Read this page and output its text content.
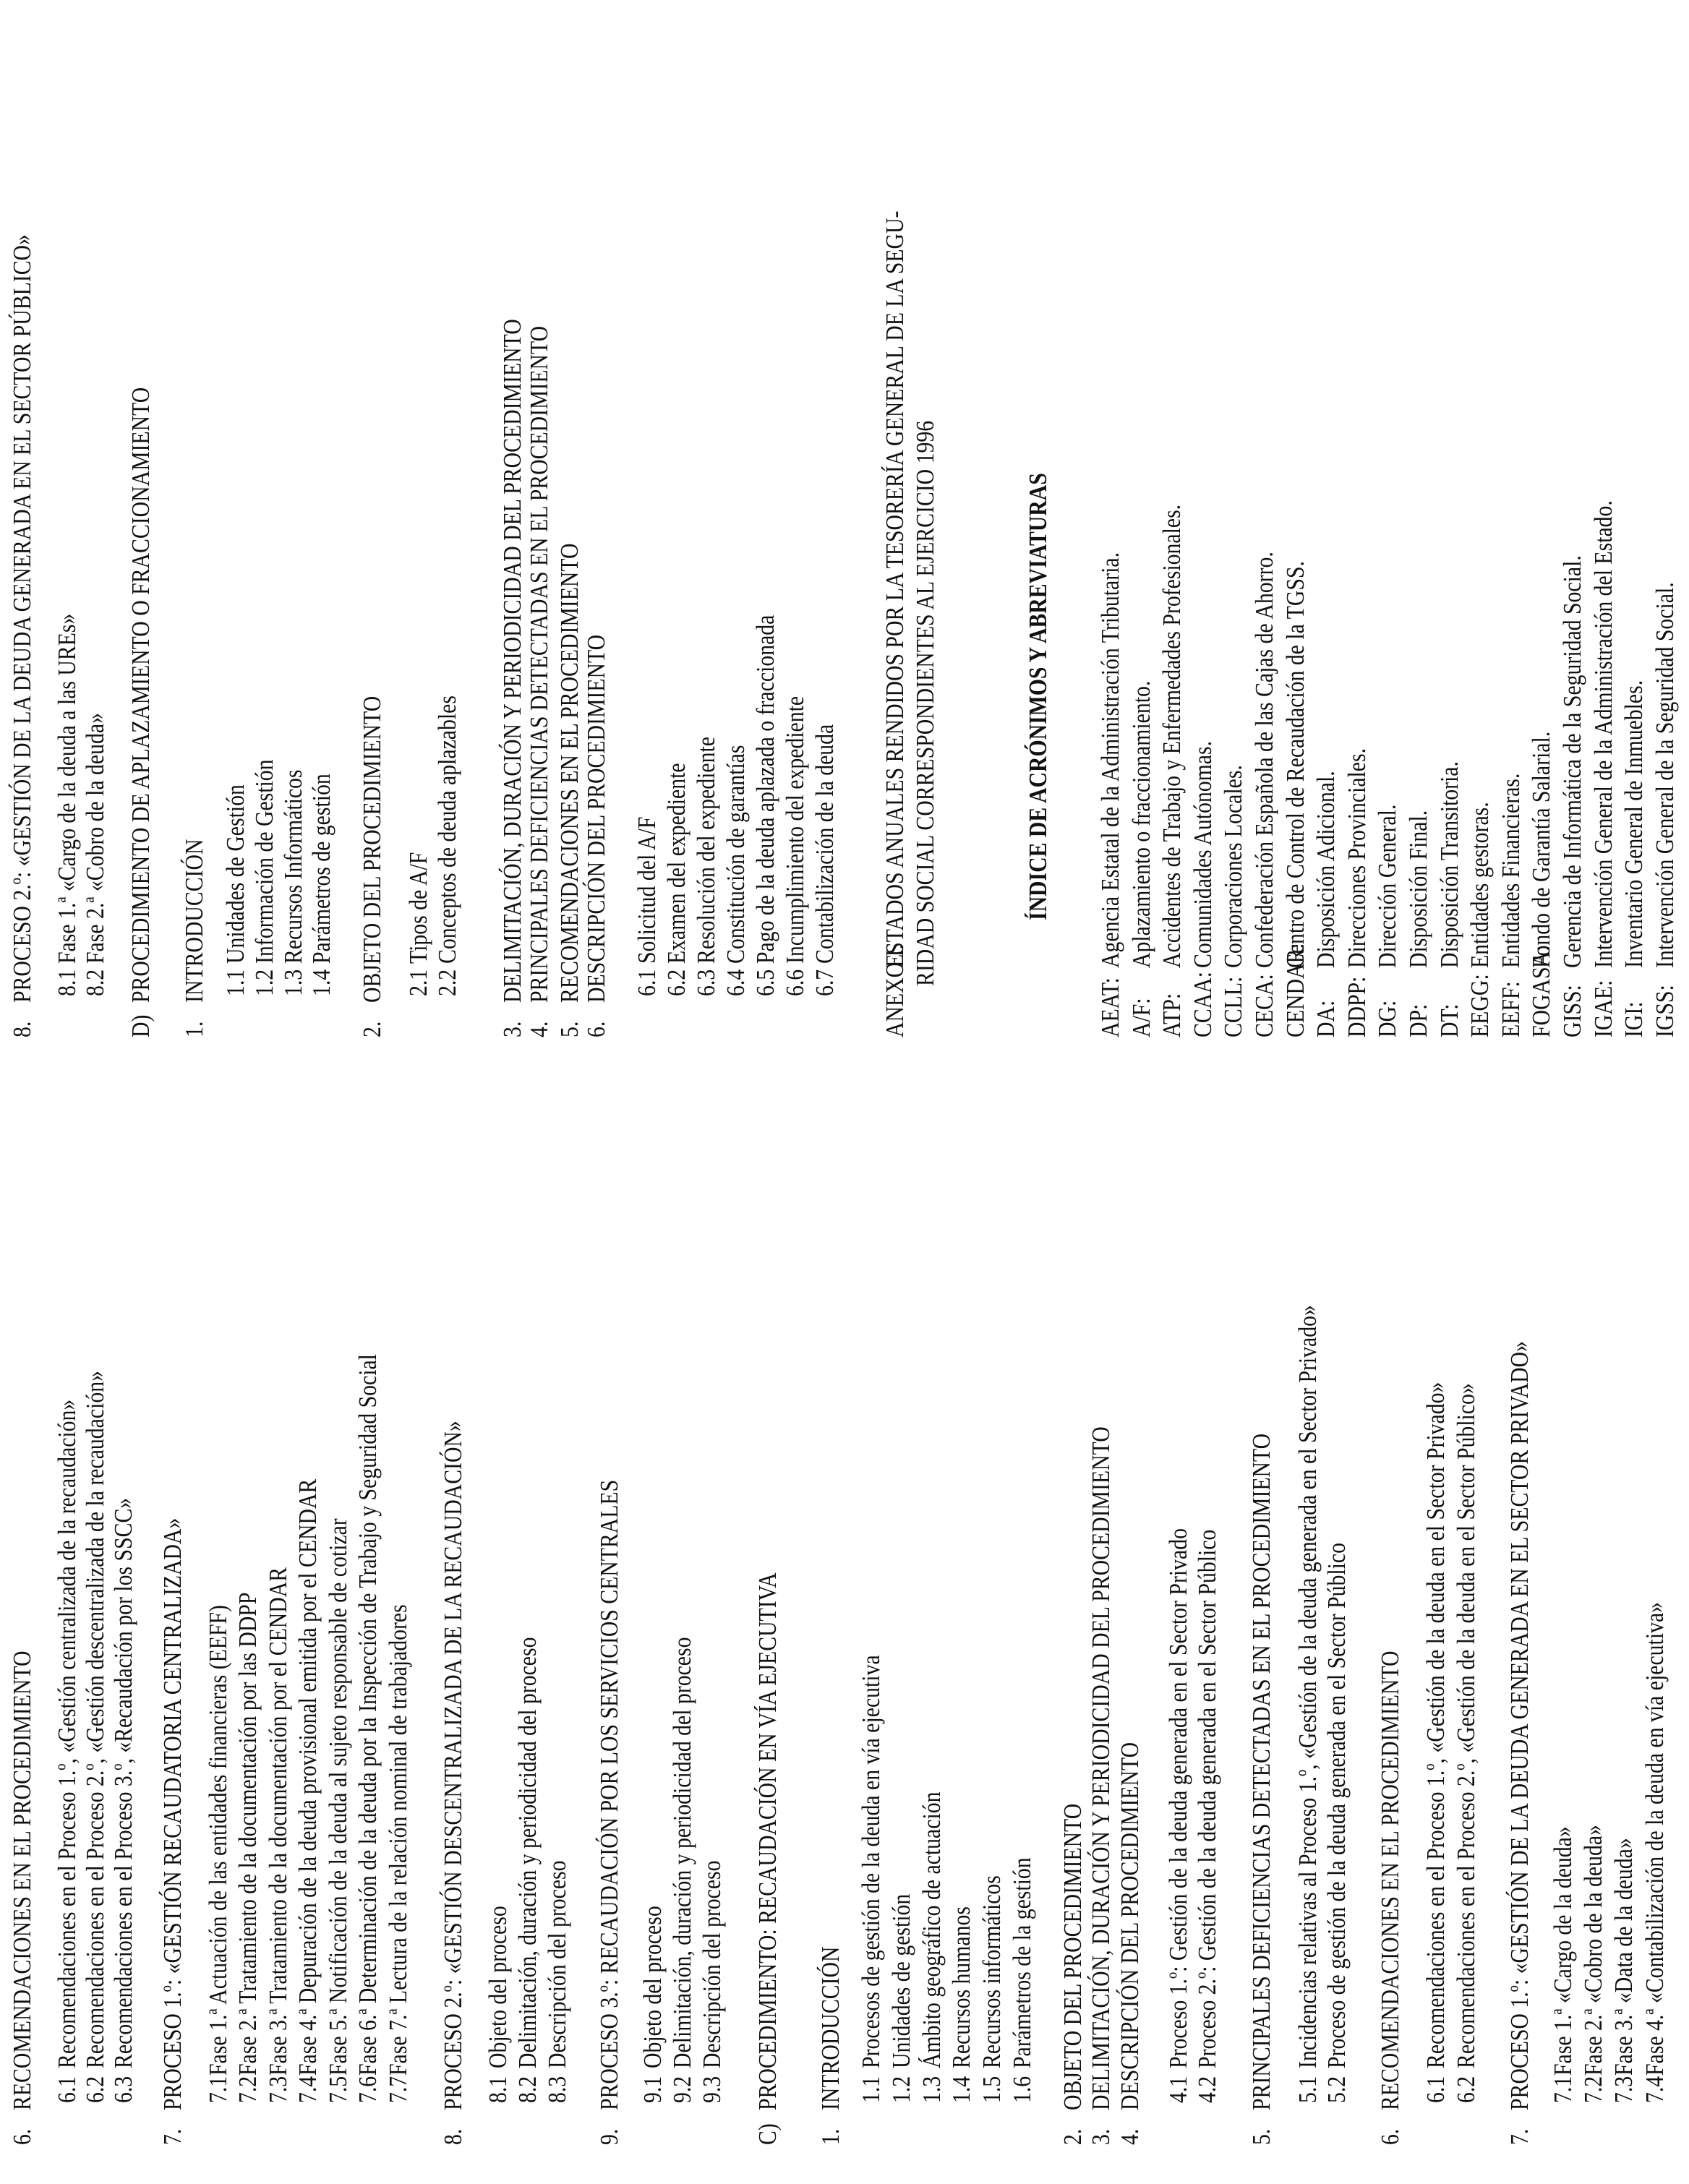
6.
RECOMENDACIONES EN EL PROCEDIMIENTO 6.1
Recomendaciones en el Proceso 1.º, «Gestión centralizada de la recaudación»
6.2
Recomendaciones en el Proceso 2.º, «Gestión descentralizada de la recaudación»
6.3
Recomendaciones en el Proceso 3.º, «Recaudación por los SSCC»
7.
PROCESO 1.º: «GESTIÓN RECAUDATORIA CENTRALIZADA» 7.1
Fase 1.ª Actuación de las entidades financieras (EEFF)
7.2
Fase 2.ª Tratamiento de la documentación por las DDPP
7.3
Fase 3.ª Tratamiento de la documentación por el CENDAR
7.4
Fase 4.ª Depuración de la deuda provisional emitida por el CENDAR
7.5
Fase 5.ª Notificación de la deuda al sujeto responsable de cotizar
7.6
Fase 6.ª Determinación de la deuda por la Inspección de Trabajo y Seguridad Social
7.7
Fase 7.ª Lectura de la relación nominal de trabajadores
8.
PROCESO 2.º: «GESTIÓN DESCENTRALIZADA DE LA RECAUDACIÓN» 8.1
Objeto del proceso
8.2
Delimitación, duración y periodicidad del proceso
8.3
Descripción del proceso
9.
PROCESO 3.º: RECAUDACIÓN POR LOS SERVICIOS CENTRALES 9.1
Objeto del proceso
9.2
Delimitación, duración y periodicidad del proceso
9.3
Descripción del proceso
C)
PROCEDIMIENTO: RECAUDACIÓN EN VÍA EJECUTIVA
1.
INTRODUCCIÓN 1.1
Procesos de gestión de la deuda en vía ejecutiva
1.2
Unidades de gestión
1.3
Ámbito geográfico de actuación
1.4
Recursos humanos
1.5
Recursos informáticos
1.6
Parámetros de la gestión
2.
OBJETO DEL PROCEDIMIENTO
3.
DELIMITACIÓN, DURACIÓN Y PERIODICIDAD DEL PROCEDIMIENTO
4.
DESCRIPCIÓN DEL PROCEDIMIENTO 4.1
Proceso 1.º: Gestión de la deuda generada en el Sector Privado
4.2
Proceso 2.º: Gestión de la deuda generada en el Sector Público
5.
PRINCIPALES DEFICIENCIAS DETECTADAS EN EL PROCEDIMIENTO 5.1
Incidencias relativas al Proceso 1.º, «Gestión de la deuda generada en el Sector Privado»
5.2
Proceso de gestión de la deuda generada en el Sector Público
6.
RECOMENDACIONES EN EL PROCEDIMIENTO 6.1
Recomendaciones en el Proceso 1.º, «Gestión de la deuda en el Sector Privado»
6.2
Recomendaciones en el Proceso 2.º, «Gestión de la deuda en el Sector Público»
7.
PROCESO 1.º: «GESTIÓN DE LA DEUDA GENERADA EN EL SECTOR PRIVADO» 7.1
Fase 1.ª «Cargo de la deuda»
7.2
Fase 2.ª «Cobro de la deuda»
7.3
Fase 3.ª «Data de la deuda»
7.4
Fase 4.ª «Contabilización de la deuda en vía ejecutiva»
8.
PROCESO 2.º: «GESTIÓN DE LA DEUDA GENERADA EN EL SECTOR PÚBLICO» 8.1
Fase 1.ª «Cargo de la deuda a las UREs»
8.2
Fase 2.ª «Cobro de la deuda»
D)
PROCEDIMIENTO DE APLAZAMIENTO O FRACCIONAMIENTO
1.
INTRODUCCIÓN 1.1
Unidades de Gestión
1.2
Información de Gestión
1.3
Recursos Informáticos
1.4
Parámetros de gestión
2.
OBJETO DEL PROCEDIMIENTO 2.1
Tipos de A/F
2.2
Conceptos de deuda aplazables
3.
DELIMITACIÓN, DURACIÓN Y PERIODICIDAD DEL PROCEDIMIENTO
4.
PRINCIPALES DEFICIENCIAS DETECTADAS EN EL PROCEDIMIENTO
5.
RECOMENDACIONES EN EL PROCEDIMIENTO
6.
DESCRIPCIÓN DEL PROCEDIMIENTO 6.1
Solicitud del A/F
6.2
Examen del expediente
6.3
Resolución del expediente
6.4
Constitución de garantías
6.5
Pago de la deuda aplazada o fraccionada
6.6
Incumplimiento del expediente
6.7
Contabilización de la deuda
ANEXO I.
ESTADOS ANUALES RENDIDOS POR LA TESORERÍA GENERAL DE LA SEGU- RIDAD SOCIAL CORRESPONDIENTES AL EJERCICIO 1996	ÍNDICE DE ACRÓNIMOS Y ABREVIATURAS
AEAT:
Agencia Estatal de la Administración Tributaria.
A/F:
Aplazamiento o fraccionamiento.
ATP:
Accidentes de Trabajo y Enfermedades Profesionales.
CCAA:
Comunidades Autónomas.
CCLL:
Corporaciones Locales.
CECA:
Confederación Española de las Cajas de Ahorro.
CENDAR:
Centro de Control de Recaudación de la TGSS.
DA:
Disposición Adicional.
DDPP:
Direcciones Provinciales.
DG:
Dirección General.
DP:
Disposición Final.
DT:
Disposición Transitoria.
EEGG:
Entidades gestoras.
EEFF:
Entidades Financieras.
FOGASA:
Fondo de Garantía Salarial.
GISS:
Gerencia de Informática de la Seguridad Social.
IGAE:
Intervención General de la Administración del Estado.
IGI:
Inventario General de Inmuebles.
IGSS:
Intervención General de la Seguridad Social.
